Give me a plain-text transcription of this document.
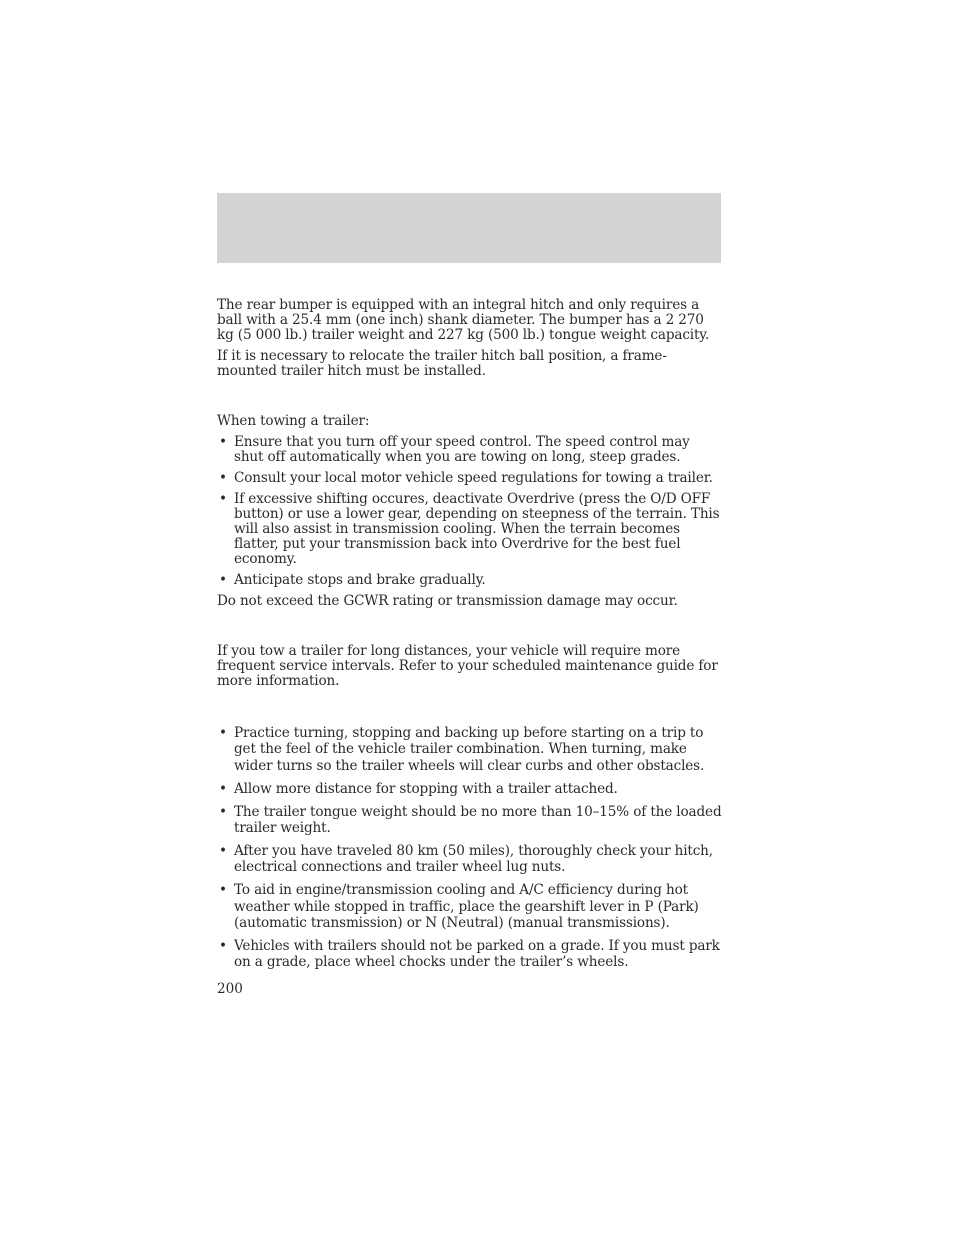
The rear bumper is equipped with an integral hitch and only requires a ball with a 25.4 mm (one inch) shank diameter. The bumper has a 2 270 kg (5 000 lb.) trailer weight and 227 kg (500 lb.) tongue weight capacity.

If it is necessary to relocate the trailer hitch ball position, a frame-mounted trailer hitch must be installed.

When towing a trailer:

• Ensure that you turn off your speed control. The speed control may shut off automatically when you are towing on long, steep grades.
• Consult your local motor vehicle speed regulations for towing a trailer.
• If excessive shifting occures, deactivate Overdrive (press the O/D OFF button) or use a lower gear, depending on steepness of the terrain. This will also assist in transmission cooling. When the terrain becomes flatter, put your transmission back into Overdrive for the best fuel economy.
• Anticipate stops and brake gradually.

Do not exceed the GCWR rating or transmission damage may occur.

If you tow a trailer for long distances, your vehicle will require more frequent service intervals. Refer to your scheduled maintenance guide for more information.

• Practice turning, stopping and backing up before starting on a trip to get the feel of the vehicle trailer combination. When turning, make wider turns so the trailer wheels will clear curbs and other obstacles.
• Allow more distance for stopping with a trailer attached.
• The trailer tongue weight should be no more than 10–15% of the loaded trailer weight.
• After you have traveled 80 km (50 miles), thoroughly check your hitch, electrical connections and trailer wheel lug nuts.
• To aid in engine/transmission cooling and A/C efficiency during hot weather while stopped in traffic, place the gearshift lever in P (Park) (automatic transmission) or N (Neutral) (manual transmissions).
• Vehicles with trailers should not be parked on a grade. If you must park on a grade, place wheel chocks under the trailer’s wheels.
200
